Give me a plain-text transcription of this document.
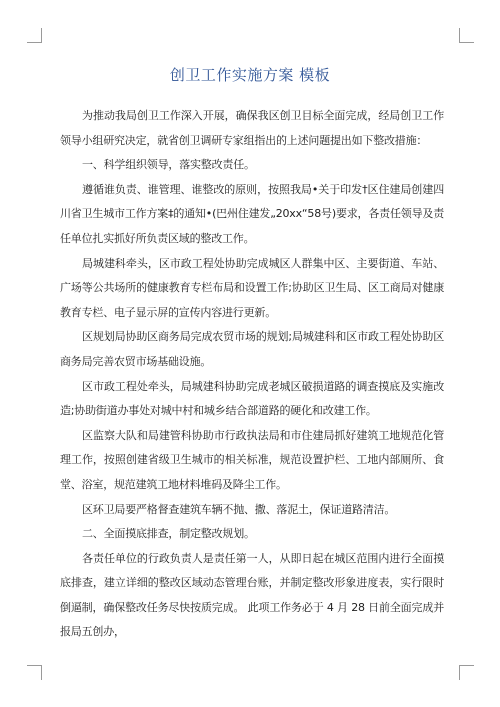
创卫工作实施方案 模板

为推动我局创卫工作深入开展，确保我区创卫目标全面完成，经局创卫工作领导小组研究决定，就省创卫调研专家组指出的上述问题提出如下整改措施：

一、科学组织领导，落实整改责任。

遵循谁负责、谁管理、谁整改的原则，按照我局•关于印发†区住建局创建四川省卫生城市工作方案‡的通知•(巴州住建发„20xx“58号)要求，各责任领导及责任单位扎实抓好所负责区域的整改工作。

局城建科牵头，区市政工程处协助完成城区人群集中区、主要街道、车站、广场等公共场所的健康教育专栏布局和设置工作;协助区卫生局、区工商局对健康教育专栏、电子显示屏的宣传内容进行更新。

区规划局协助区商务局完成农贸市场的规划;局城建科和区市政工程处协助区商务局完善农贸市场基础设施。

区市政工程处牵头，局城建科协助完成老城区破损道路的调查摸底及实施改造;协助街道办事处对城中村和城乡结合部道路的硬化和改建工作。

区监察大队和局建管科协助市行政执法局和市住建局抓好建筑工地规范化管理工作，按照创建省级卫生城市的相关标准，规范设置护栏、工地内部厕所、食堂、浴室，规范建筑工地材料堆码及降尘工作。

区环卫局要严格督查建筑车辆不抛、撒、落泥土，保证道路清洁。

二、全面摸底排查，制定整改规划。

各责任单位的行政负责人是责任第一人，从即日起在城区范围内进行全面摸底排查，建立详细的整改区域动态管理台账，并制定整改形象进度表，实行限时倒逼制，确保整改任务尽快按质完成。 此项工作务必于 4 月 28 日前全面完成并报局五创办，
